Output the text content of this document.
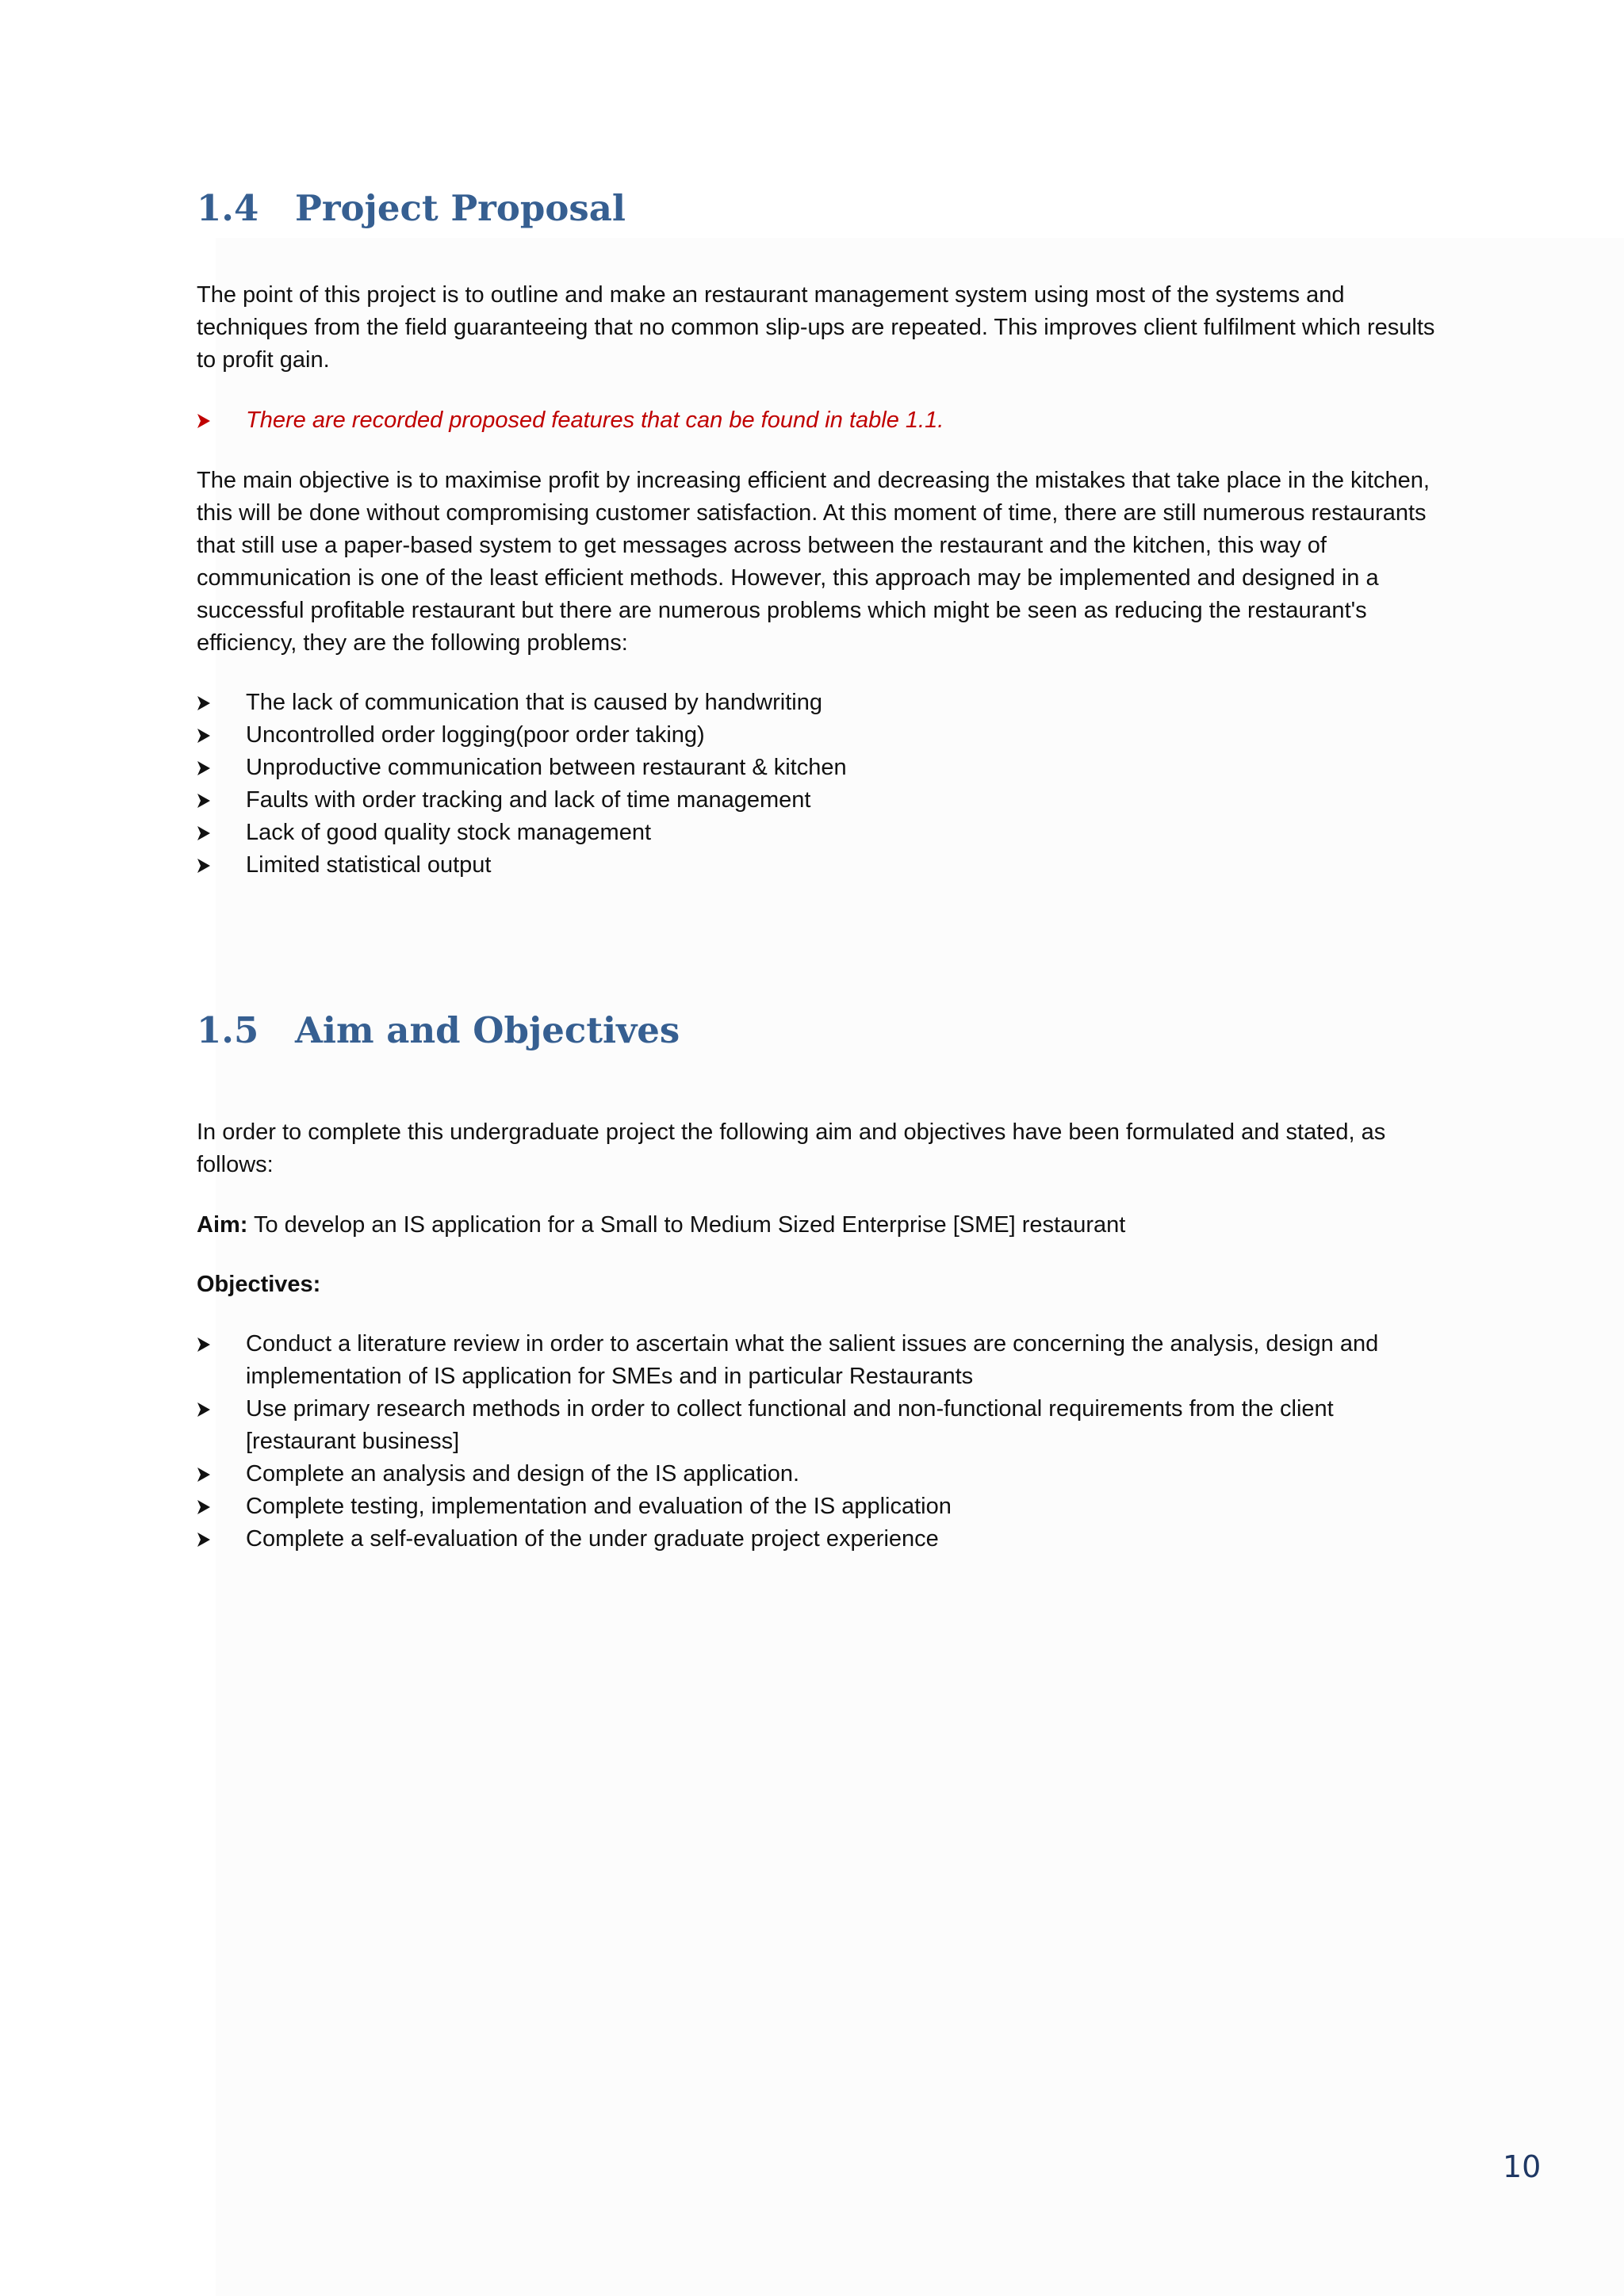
1.4 Project Proposal

The point of this project is to outline and make an restaurant management system using most of the systems and techniques from the field guaranteeing that no common slip-ups are repeated. This improves client fulfilment which results to profit gain.

There are recorded proposed features that can be found in table 1.1.

The main objective is to maximise profit by increasing efficient and decreasing the mistakes that take place in the kitchen, this will be done without compromising customer satisfaction. At this moment of time, there are still numerous restaurants that still use a paper-based system to get messages across between the restaurant and the kitchen, this way of communication is one of the least efficient methods. However, this approach may be implemented and designed in a successful profitable restaurant but there are numerous problems which might be seen as reducing the restaurant's efficiency, they are the following problems:

The lack of communication that is caused by handwriting
Uncontrolled order logging(poor order taking)
Unproductive communication between restaurant & kitchen
Faults with order tracking and lack of time management
Lack of good quality stock management
Limited statistical output
1.5 Aim and Objectives

In order to complete this undergraduate project the following aim and objectives have been formulated and stated, as follows:

Aim: To develop an IS application for a Small to Medium Sized Enterprise [SME] restaurant

Objectives:

Conduct a literature review in order to ascertain what the salient issues are concerning the analysis, design and implementation of IS application for SMEs and in particular Restaurants
Use primary research methods in order to collect functional and non-functional requirements from the client [restaurant business]
Complete an analysis and design of the IS application.
Complete testing, implementation and evaluation of the IS application
Complete a self-evaluation of the under graduate project experience
10
